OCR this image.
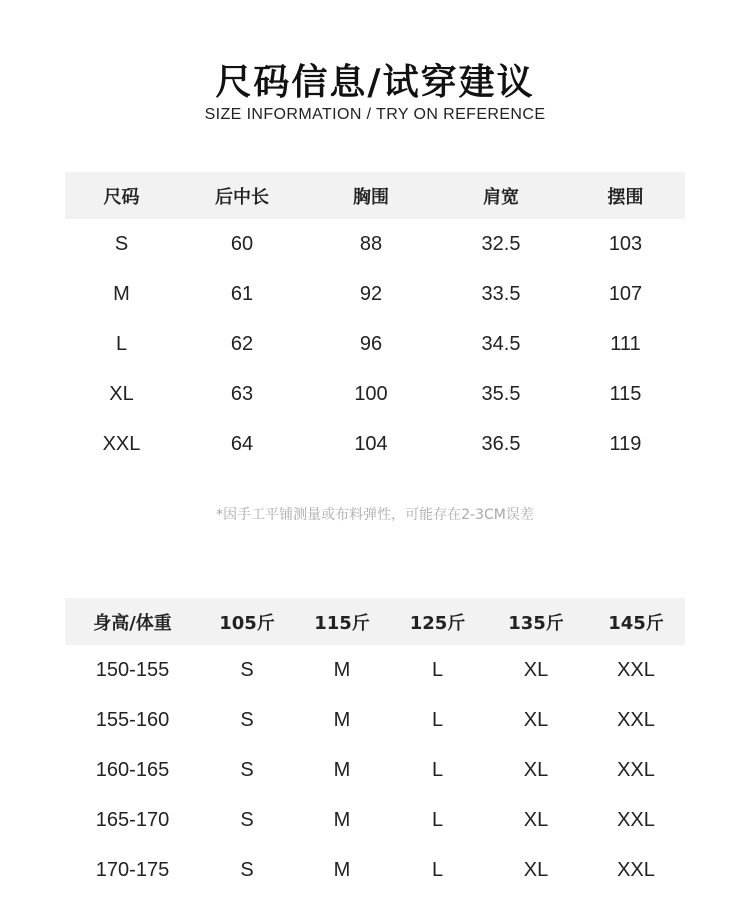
尺码信息/试穿建议
SIZE INFORMATION / TRY ON REFERENCE
尺码	后中长	胸围	肩宽	摆围
S	60	88	32.5	103
M	61	92	33.5	107
L	62	96	34.5	111
XL	63	100	35.5	115
XXL	64	104	36.5	119
*因手工平铺测量或布料弹性，可能存在2-3CM误差
身高/体重	105斤	115斤	125斤	135斤	145斤
150-155	S	M	L	XL	XXL
155-160	S	M	L	XL	XXL
160-165	S	M	L	XL	XXL
165-170	S	M	L	XL	XXL
170-175	S	M	L	XL	XXL
